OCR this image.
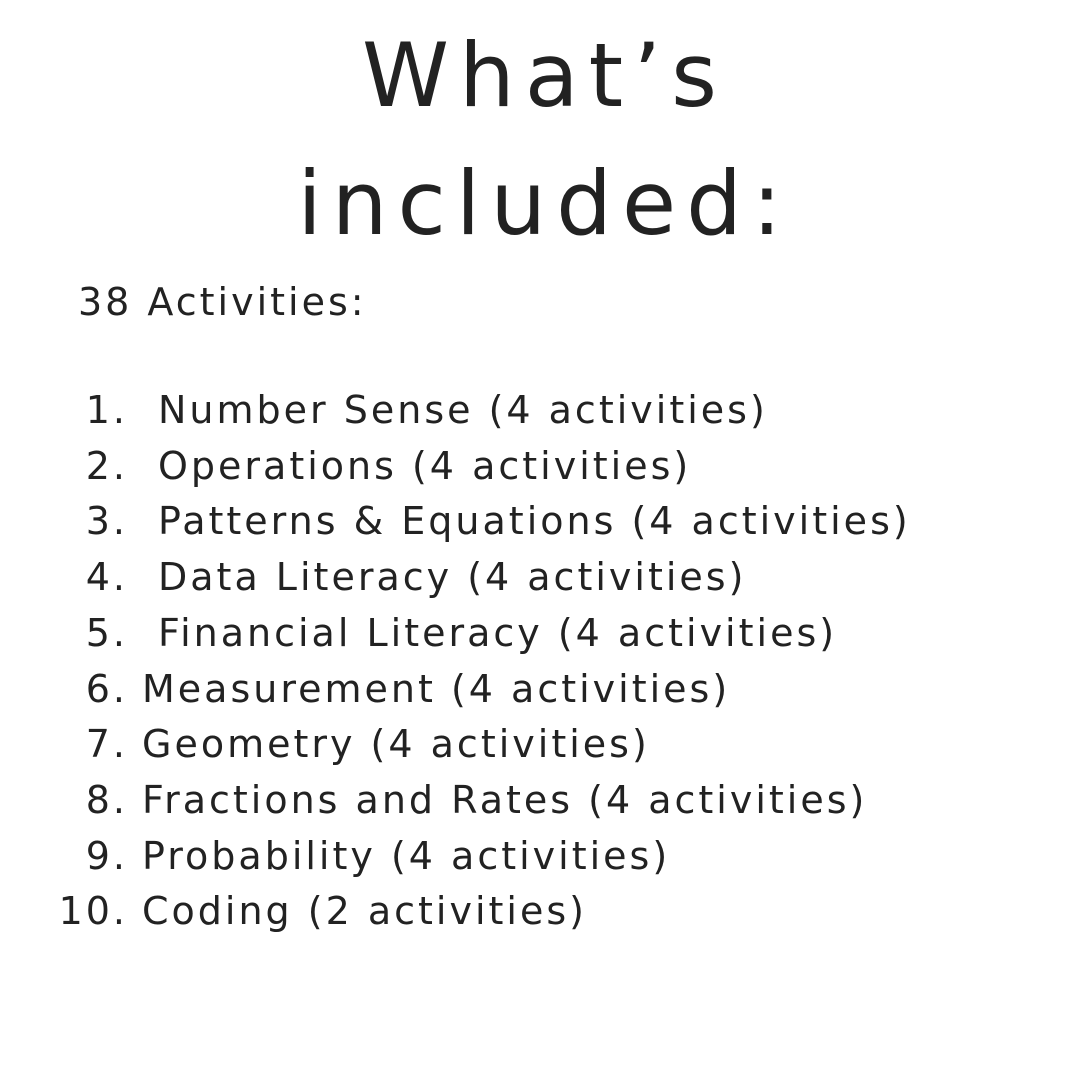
What’s
included:
38 Activities:
1. Number Sense (4 activities)
2. Operations (4 activities)
3. Patterns & Equations (4 activities)
4. Data Literacy (4 activities)
5. Financial Literacy (4 activities)
6. Measurement (4 activities)
7. Geometry (4 activities)
8. Fractions and Rates (4 activities)
9. Probability (4 activities)
10. Coding (2 activities)
